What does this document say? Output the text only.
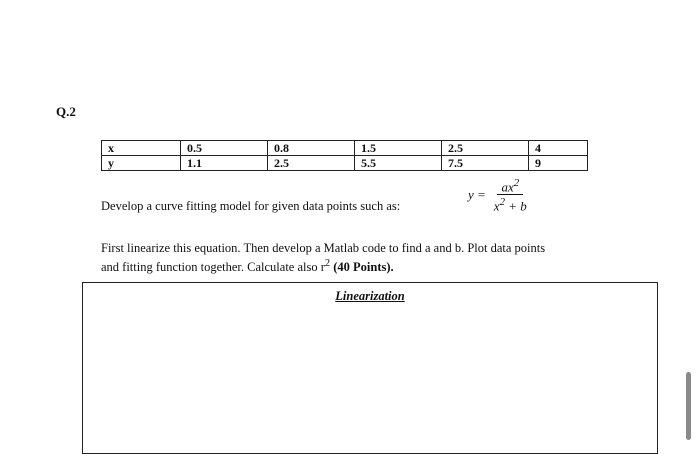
Q.2
x	0.5	0.8	1.5	2.5	4
y	1.1	2.5	5.5	7.5	9
Develop a curve fitting model for given data points such as:
$y = \frac{ax^2}{x^2 + b}$
First linearize this equation. Then develop a Matlab code to find a and b. Plot data points
and fitting function together. Calculate also $r^2$ (40 Points).
Linearization
